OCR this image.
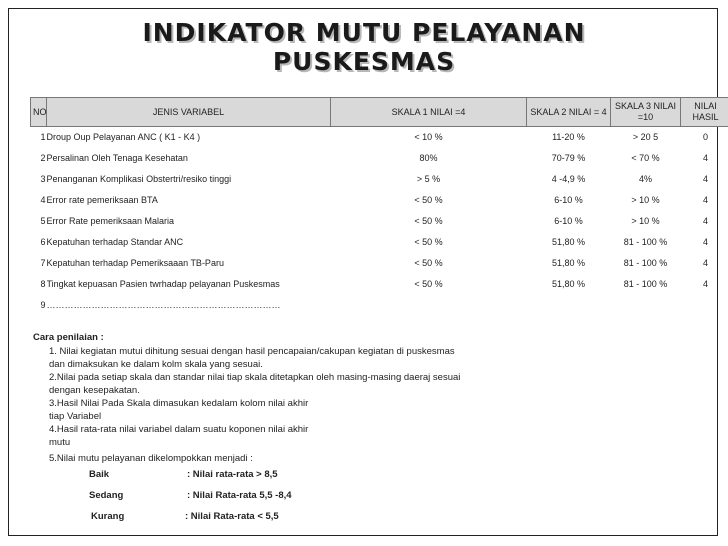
INDIKATOR MUTU PELAYANAN
PUSKESMAS
NO	JENIS VARIABEL	SKALA 1 NILAI =4	SKALA 2 NILAI = 4	SKALA 3 NILAI =10	NILAI HASIL
1	Droup Oup Pelayanan ANC ( K1 - K4 )	< 10 %	11-20 %	> 20 5	0
2	Persalinan Oleh Tenaga Kesehatan	80%	70-79 %	< 70 %	4
3	Penanganan Komplikasi Obstertri/resiko tinggi	> 5 %	4 -4,9 %	4%	4
4	Error rate pemeriksaan BTA	< 50 %	6-10 %	> 10 %	4
5	Error Rate pemeriksaan Malaria	< 50 %	6-10 %	> 10 %	4
6	Kepatuhan terhadap Standar ANC	< 50 %	51,80 %	81 - 100 %	4
7	Kepatuhan terhadap Pemeriksaaan TB-Paru	< 50 %	51,80 %	81 - 100 %	4
8	Tingkat kepuasan Pasien twrhadap pelayanan Puskesmas	< 50 %	51,80 %	81 - 100 %	4
9	……………………………………………………………………				
Cara penilaian :
1. Nilai kegiatan mutui dihitung sesuai dengan hasil pencapaian/cakupan kegiatan di puskesmas
dan dimaksukan ke dalam kolm skala yang sesuai.
2.Nilai pada setiap skala dan standar nilai tiap skala ditetapkan oleh masing-masing daeraj sesuai
dengan kesepakatan.
3.Hasil Nilai Pada Skala dimasukan kedalam kolom nilai akhir
tiap Variabel
4.Hasil rata-rata nilai variabel dalam suatu koponen nilai akhir
mutu
5.Nilai mutu pelayanan dikelompokkan menjadi :
Baik	: Nilai rata-rata > 8,5
Sedang	: Nilai Rata-rata 5,5 -8,4
Kurang	: Nilai Rata-rata < 5,5
